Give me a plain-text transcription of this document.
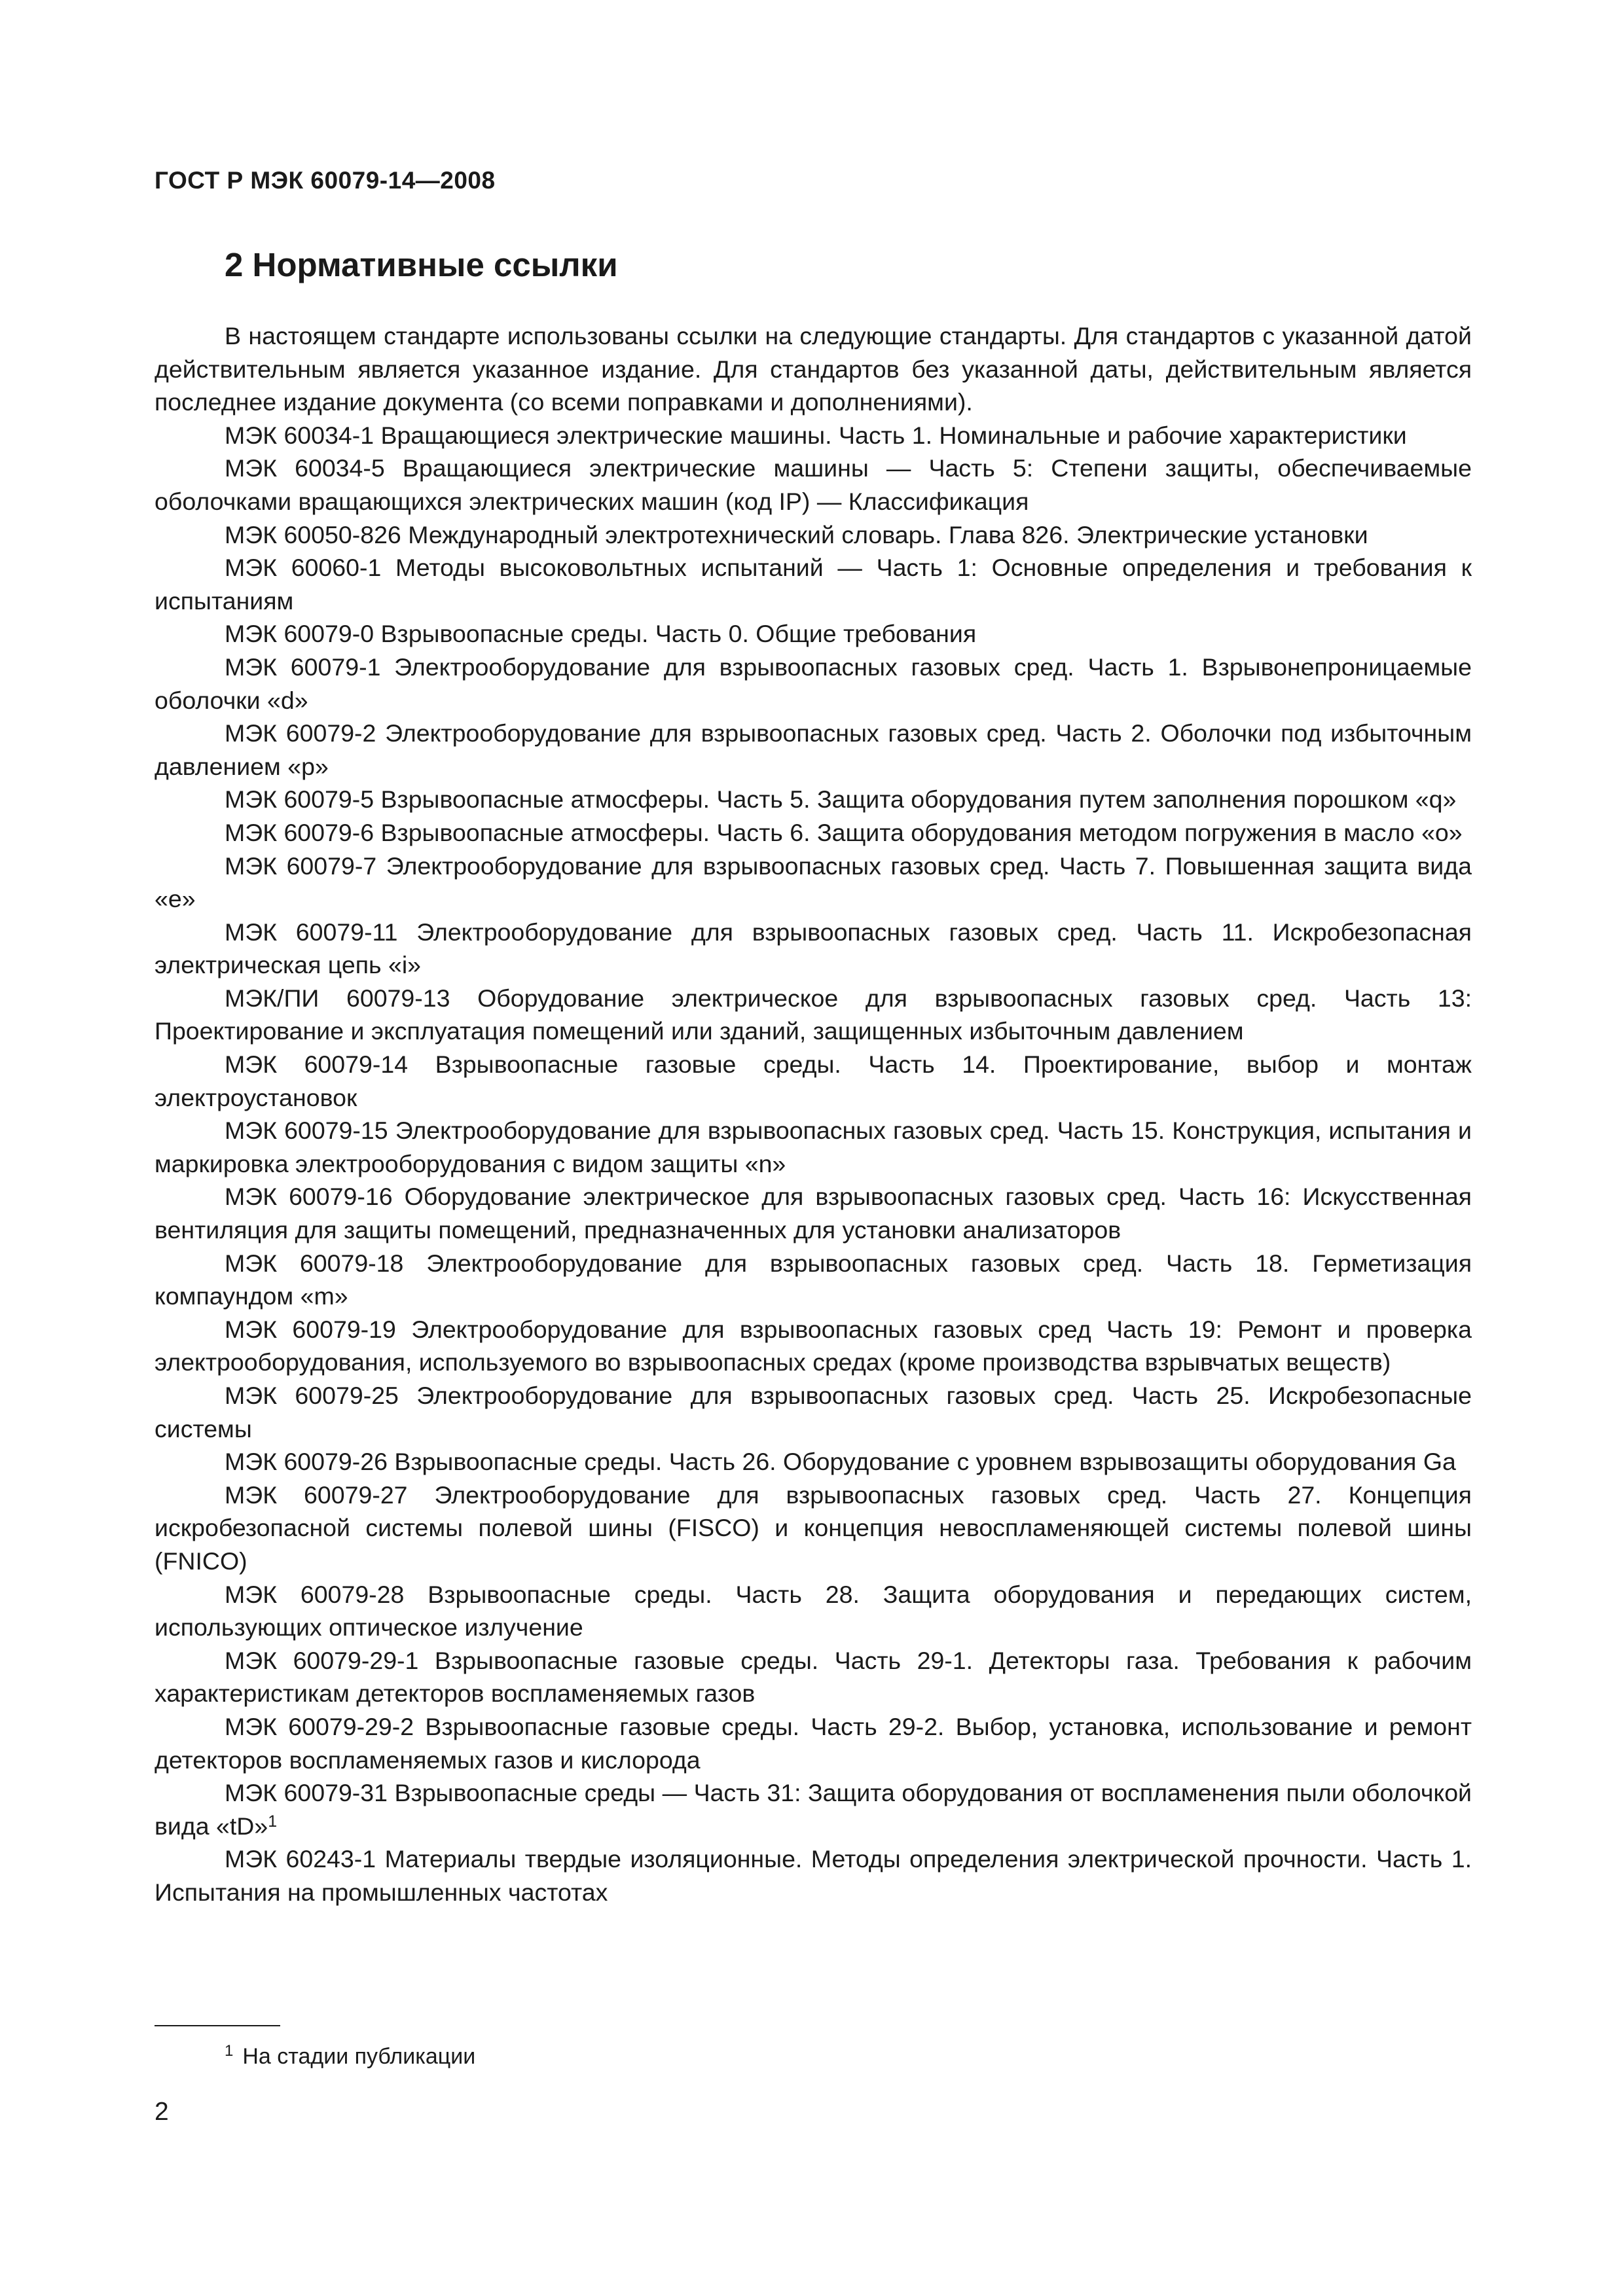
ГОСТ Р МЭК 60079-14—2008
2 Нормативные ссылки

В настоящем стандарте использованы ссылки на следующие стандарты. Для стандартов с указанной датой действительным является указанное издание. Для стандартов без указанной даты, действительным является последнее издание документа (со всеми поправками и дополнениями).

МЭК 60034-1 Вращающиеся электрические машины. Часть 1. Номинальные и рабочие характеристики

МЭК 60034-5 Вращающиеся электрические машины — Часть 5: Степени защиты, обеспечиваемые оболочками вращающихся электрических машин (код IP) — Классификация

МЭК 60050-826 Международный электротехнический словарь. Глава 826. Электрические установки

МЭК 60060-1 Методы высоковольтных испытаний — Часть 1: Основные определения и требования к испытаниям

МЭК 60079-0 Взрывоопасные среды. Часть 0. Общие требования

МЭК 60079-1 Электрооборудование для взрывоопасных газовых сред. Часть 1. Взрывонепроницаемые оболочки «d»

МЭК 60079-2 Электрооборудование для взрывоопасных газовых сред. Часть 2. Оболочки под избыточным давлением «p»

МЭК 60079-5 Взрывоопасные атмосферы. Часть 5. Защита оборудования путем заполнения порошком «q»

МЭК 60079-6 Взрывоопасные атмосферы. Часть 6. Защита оборудования методом погружения в масло «o»

МЭК 60079-7 Электрооборудование для взрывоопасных газовых сред. Часть 7. Повышенная защита вида «е»

МЭК 60079-11 Электрооборудование для взрывоопасных газовых сред. Часть 11. Искробезопасная электрическая цепь «i»

МЭК/ПИ 60079-13 Оборудование электрическое для взрывоопасных газовых сред. Часть 13: Проектирование и эксплуатация помещений или зданий, защищенных избыточным давлением

МЭК 60079-14 Взрывоопасные газовые среды. Часть 14. Проектирование, выбор и монтаж электроустановок

МЭК 60079-15 Электрооборудование для взрывоопасных газовых сред. Часть 15. Конструкция, испытания и маркировка электрооборудования с видом защиты «n»

МЭК 60079-16 Оборудование электрическое для взрывоопасных газовых сред. Часть 16: Искусственная вентиляция для защиты помещений, предназначенных для установки анализаторов

МЭК 60079-18 Электрооборудование для взрывоопасных газовых сред. Часть 18. Герметизация компаундом «m»

МЭК 60079-19 Электрооборудование для взрывоопасных газовых сред Часть 19: Ремонт и проверка электрооборудования, используемого во взрывоопасных средах (кроме производства взрывчатых веществ)

МЭК 60079-25 Электрооборудование для взрывоопасных газовых сред. Часть 25. Искробезопасные системы

МЭК 60079-26 Взрывоопасные среды. Часть 26. Оборудование с уровнем взрывозащиты оборудования Ga

МЭК 60079-27 Электрооборудование для взрывоопасных газовых сред. Часть 27. Концепция искробезопасной системы полевой шины (FISCO) и концепция невоспламеняющей системы полевой шины (FNICO)

МЭК 60079-28 Взрывоопасные среды. Часть 28. Защита оборудования и передающих систем, использующих оптическое излучение

МЭК 60079-29-1 Взрывоопасные газовые среды. Часть 29-1. Детекторы газа. Требования к рабочим характеристикам детекторов воспламеняемых газов

МЭК 60079-29-2 Взрывоопасные газовые среды. Часть 29-2. Выбор, установка, использование и ремонт детекторов воспламеняемых газов и кислорода

МЭК 60079-31 Взрывоопасные среды — Часть 31: Защита оборудования от воспламенения пыли оболочкой вида «tD»$^1$

МЭК 60243-1 Материалы твердые изоляционные. Методы определения электрической прочности. Часть 1. Испытания на промышленных частотах

$^1$ На стадии публикации
2
